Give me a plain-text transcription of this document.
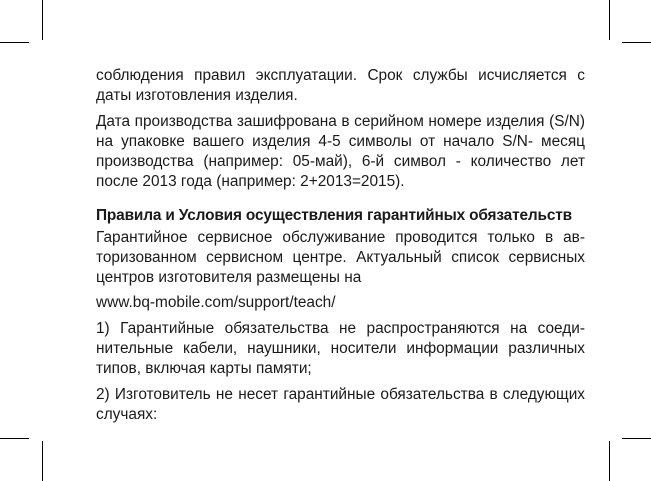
соблюдения правил эксплуатации. Срок службы исчисляется с даты изготовления изделия.

Дата производства зашифрована в серийном номере изделия (S/N) на упаковке вашего изделия 4-5 символы от начало S/N- месяц производства (например: 05-май), 6-й символ - количество лет после 2013 года (например: 2+2013=2015).

Правила и Условия осуществления гарантийных обязательств

Гарантийное сервисное обслуживание проводится только в авторизованном сервисном центре. Актуальный список сервисных центров изготовителя размещены на

www.bq-mobile.com/support/teach/

1) Гарантийные обязательства не распространяются на соединительные кабели, наушники, носители информации различных типов, включая карты памяти;

2) Изготовитель не несет гарантийные обязательства в следующих случаях:
